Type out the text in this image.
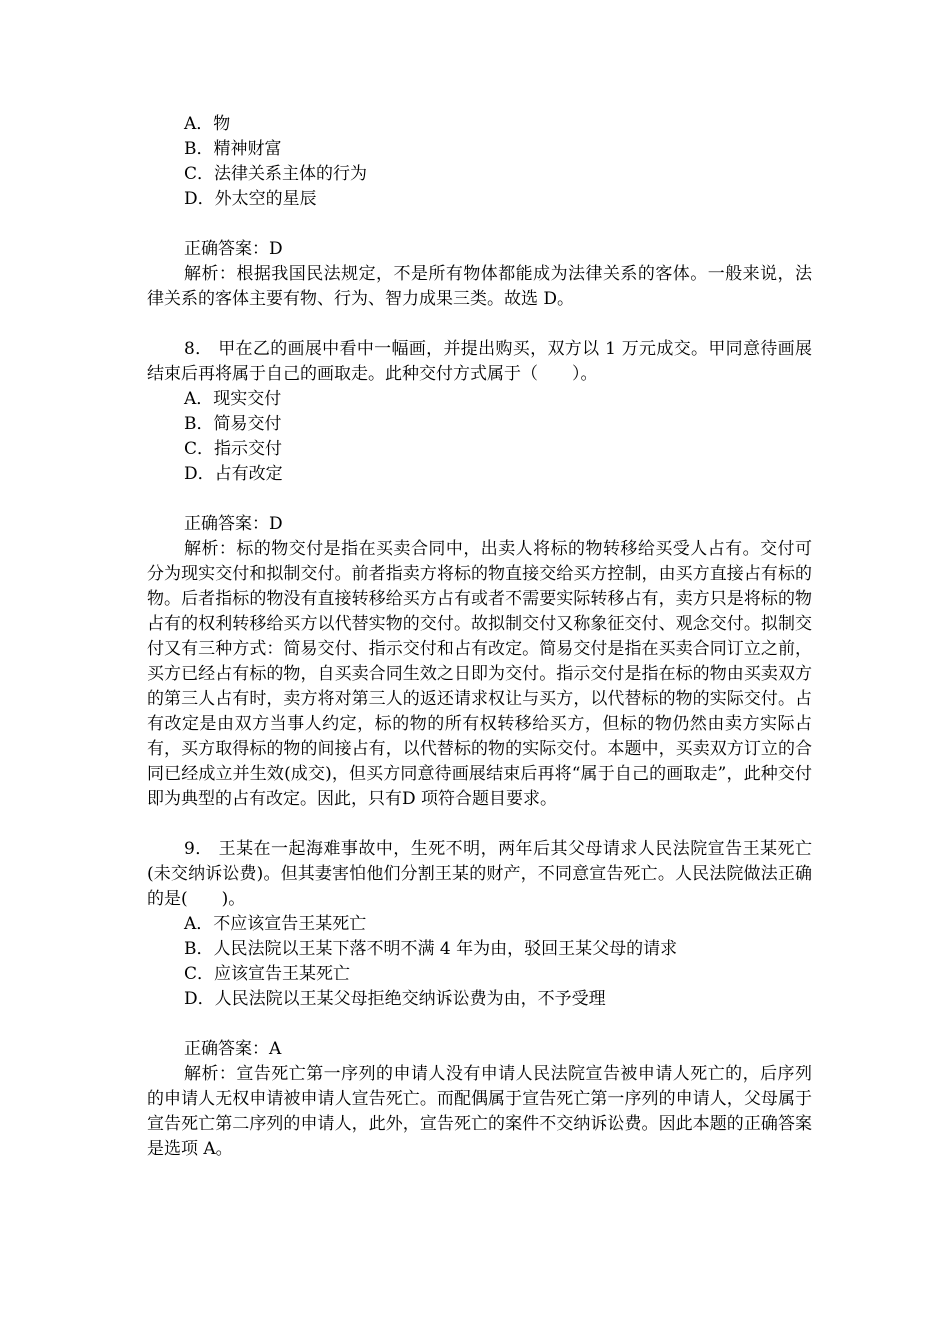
A．物
B．精神财富
C．法律关系主体的行为
D．外太空的星辰
正确答案：D
解析：根据我国民法规定，不是所有物体都能成为法律关系的客体。一般来说，法律关系的客体主要有物、行为、智力成果三类。故选 D。
8． 甲在乙的画展中看中一幅画，并提出购买，双方以 1 万元成交。甲同意待画展结束后再将属于自己的画取走。此种交付方式属于（　　）。
A．现实交付
B．简易交付
C．指示交付
D．占有改定
正确答案：D
解析：标的物交付是指在买卖合同中，出卖人将标的物转移给买受人占有。交付可分为现实交付和拟制交付。前者指卖方将标的物直接交给买方控制，由买方直接占有标的物。后者指标的物没有直接转移给买方占有或者不需要实际转移占有，卖方只是将标的物占有的权利转移给买方以代替实物的交付。故拟制交付又称象征交付、观念交付。拟制交付又有三种方式：简易交付、指示交付和占有改定。简易交付是指在买卖合同订立之前，买方已经占有标的物，自买卖合同生效之日即为交付。指示交付是指在标的物由买卖双方的第三人占有时，卖方将对第三人的返还请求权让与买方，以代替标的物的实际交付。占有改定是由双方当事人约定，标的物的所有权转移给买方，但标的物仍然由卖方实际占有，买方取得标的物的间接占有，以代替标的物的实际交付。本题中，买卖双方订立的合同已经成立并生效(成交)，但买方同意待画展结束后再将“属于自己的画取走”，此种交付即为典型的占有改定。因此，只有D 项符合题目要求。
9． 王某在一起海难事故中，生死不明，两年后其父母请求人民法院宣告王某死亡(未交纳诉讼费)。但其妻害怕他们分割王某的财产，不同意宣告死亡。人民法院做法正确的是(　　)。
A．不应该宣告王某死亡
B．人民法院以王某下落不明不满 4 年为由，驳回王某父母的请求
C．应该宣告王某死亡
D．人民法院以王某父母拒绝交纳诉讼费为由，不予受理
正确答案：A
解析：宣告死亡第一序列的申请人没有申请人民法院宣告被申请人死亡的，后序列的申请人无权申请被申请人宣告死亡。而配偶属于宣告死亡第一序列的申请人，父母属于宣告死亡第二序列的申请人，此外，宣告死亡的案件不交纳诉讼费。因此本题的正确答案是选项 A。
